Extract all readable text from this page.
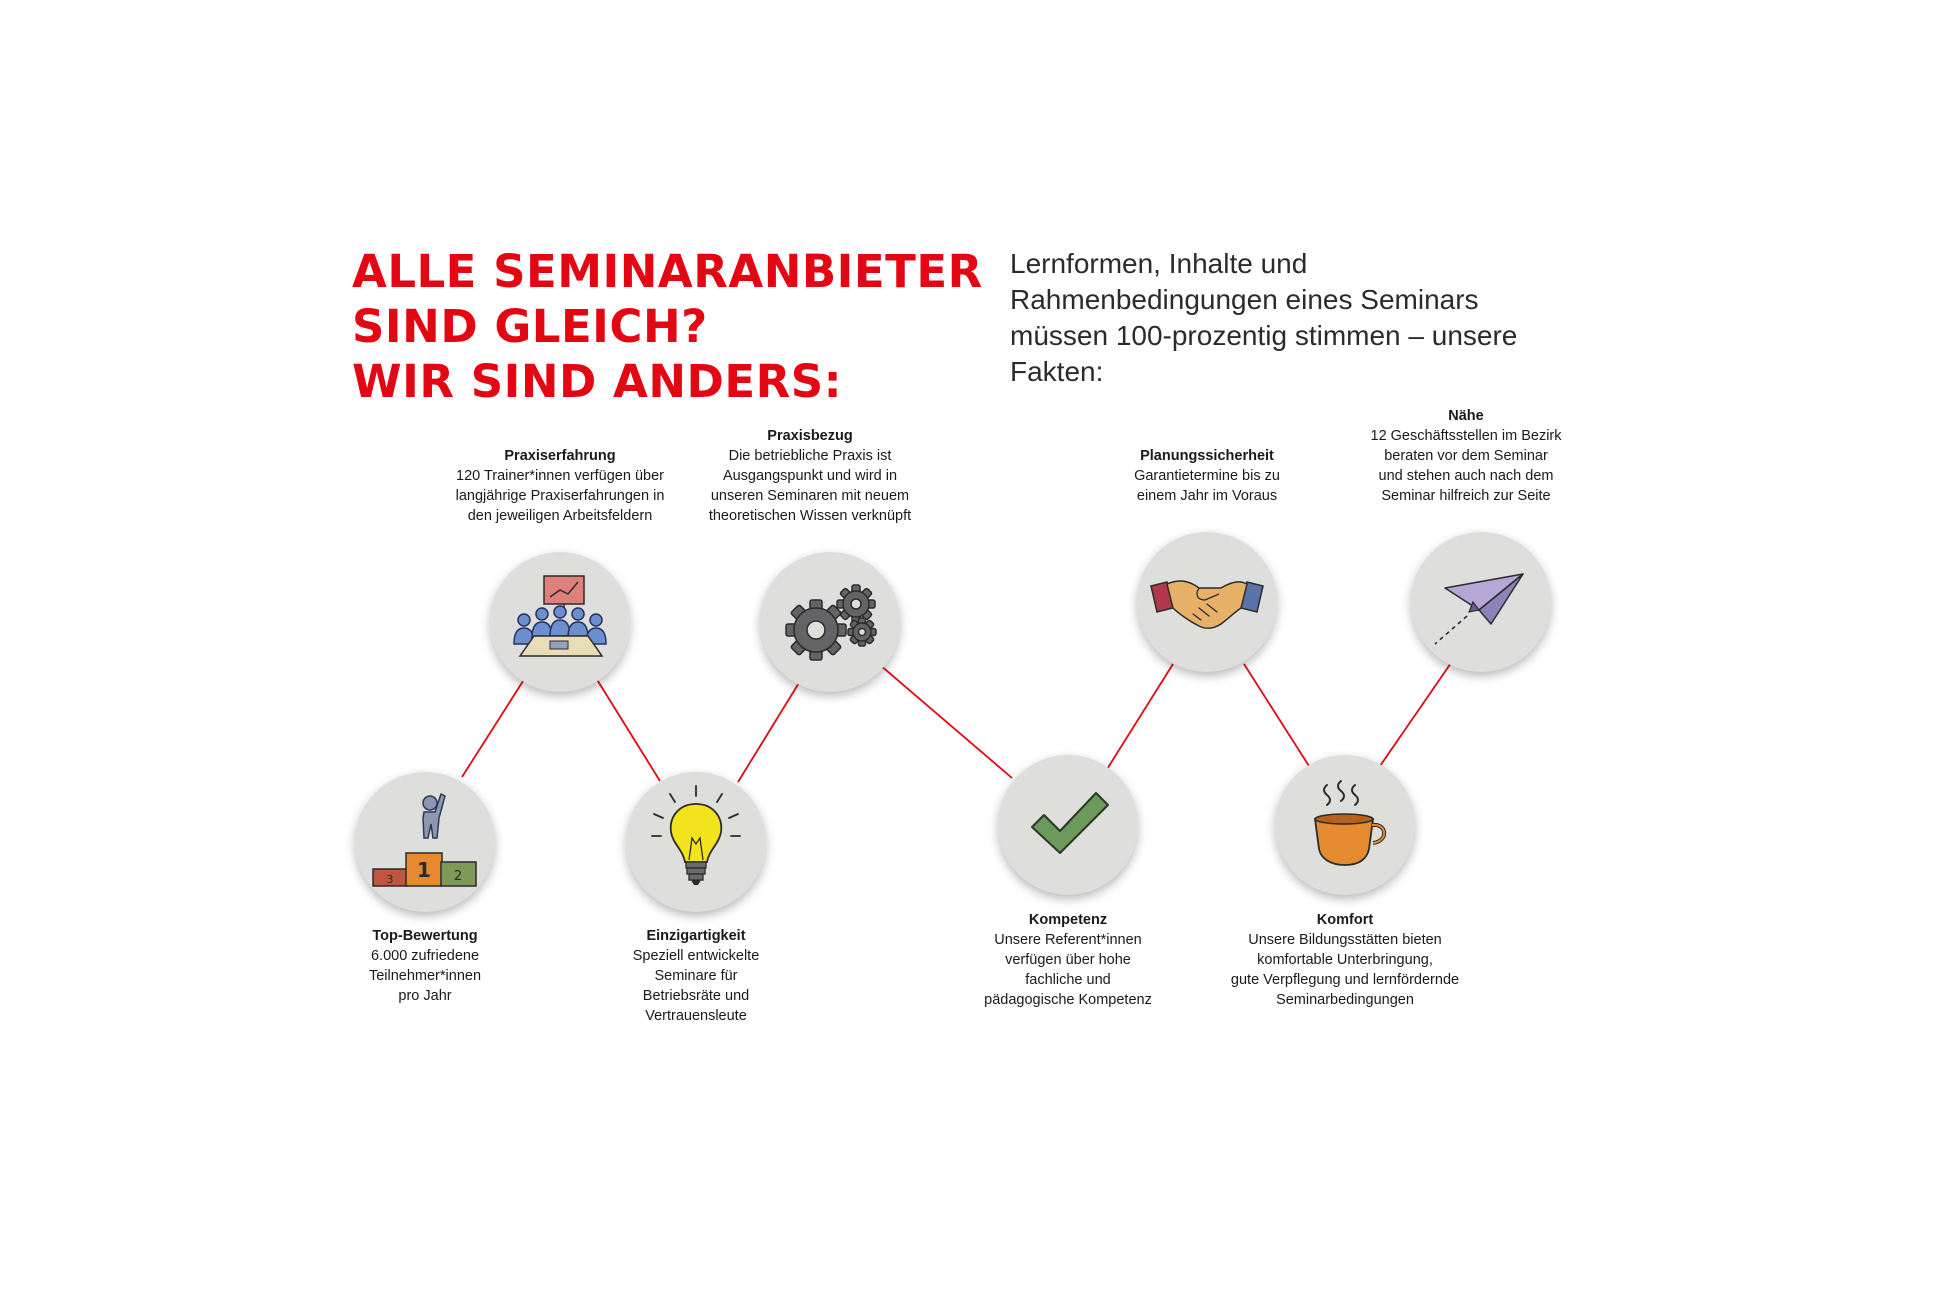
ALLE SEMINARANBIETER
SIND GLEICH?
WIR SIND ANDERS:

Lernformen, Inhalte und Rahmenbedingungen eines Seminars müssen 100-prozentig stimmen – unsere Fakten:

3 1 2
Top-Bewertung
6.000 zufriedene
Teilnehmer*innen
pro Jahr
Praxiserfahrung
120 Trainer*innen verfügen über
langjährige Praxiserfahrungen in
den jeweiligen Arbeitsfeldern
Einzigartigkeit
Speziell entwickelte
Seminare für
Betriebsräte und
Vertrauensleute
Praxisbezug
Die betriebliche Praxis ist
Ausgangspunkt und wird in
unseren Seminaren mit neuem
theoretischen Wissen verknüpft
Kompetenz
Unsere Referent*innen
verfügen über hohe
fachliche und
pädagogische Kompetenz
Planungssicherheit
Garantietermine bis zu
einem Jahr im Voraus
Komfort
Unsere Bildungsstätten bieten
komfortable Unterbringung,
gute Verpflegung und lernfördernde
Seminarbedingungen
Nähe
12 Geschäftsstellen im Bezirk
beraten vor dem Seminar
und stehen auch nach dem
Seminar hilfreich zur Seite
